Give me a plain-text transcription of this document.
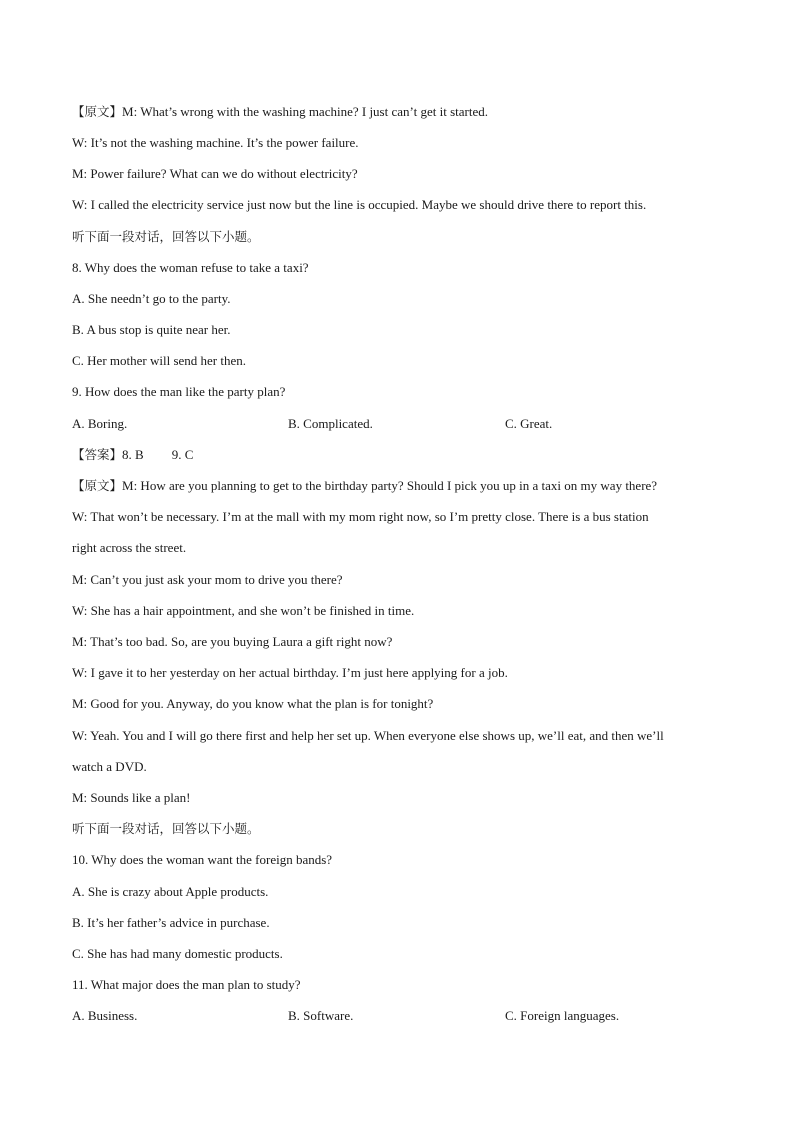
【原文】M: What’s wrong with the washing machine? I just can’t get it started.
W: It’s not the washing machine. It’s the power failure.
M: Power failure? What can we do without electricity?
W: I called the electricity service just now but the line is occupied. Maybe we should drive there to report this.
听下面一段对话，回答以下小题。
8. Why does the woman refuse to take a taxi?
A. She needn’t go to the party.
B. A bus stop is quite near her.
C. Her mother will send her then.
9. How does the man like the party plan?
A. Boring.	B. Complicated.	C. Great.
【答案】8. B 9. C
【原文】M: How are you planning to get to the birthday party? Should I pick you up in a taxi on my way there?
W: That won’t be necessary. I’m at the mall with my mom right now, so I’m pretty close. There is a bus station
right across the street.
M: Can’t you just ask your mom to drive you there?
W: She has a hair appointment, and she won’t be finished in time.
M: That’s too bad. So, are you buying Laura a gift right now?
W: I gave it to her yesterday on her actual birthday. I’m just here applying for a job.
M: Good for you. Anyway, do you know what the plan is for tonight?
W: Yeah. You and I will go there first and help her set up. When everyone else shows up, we’ll eat, and then we’ll
watch a DVD.
M: Sounds like a plan!
听下面一段对话，回答以下小题。
10. Why does the woman want the foreign bands?
A. She is crazy about Apple products.
B. It’s her father’s advice in purchase.
C. She has had many domestic products.
11. What major does the man plan to study?
A. Business.	B. Software.	C. Foreign languages.
